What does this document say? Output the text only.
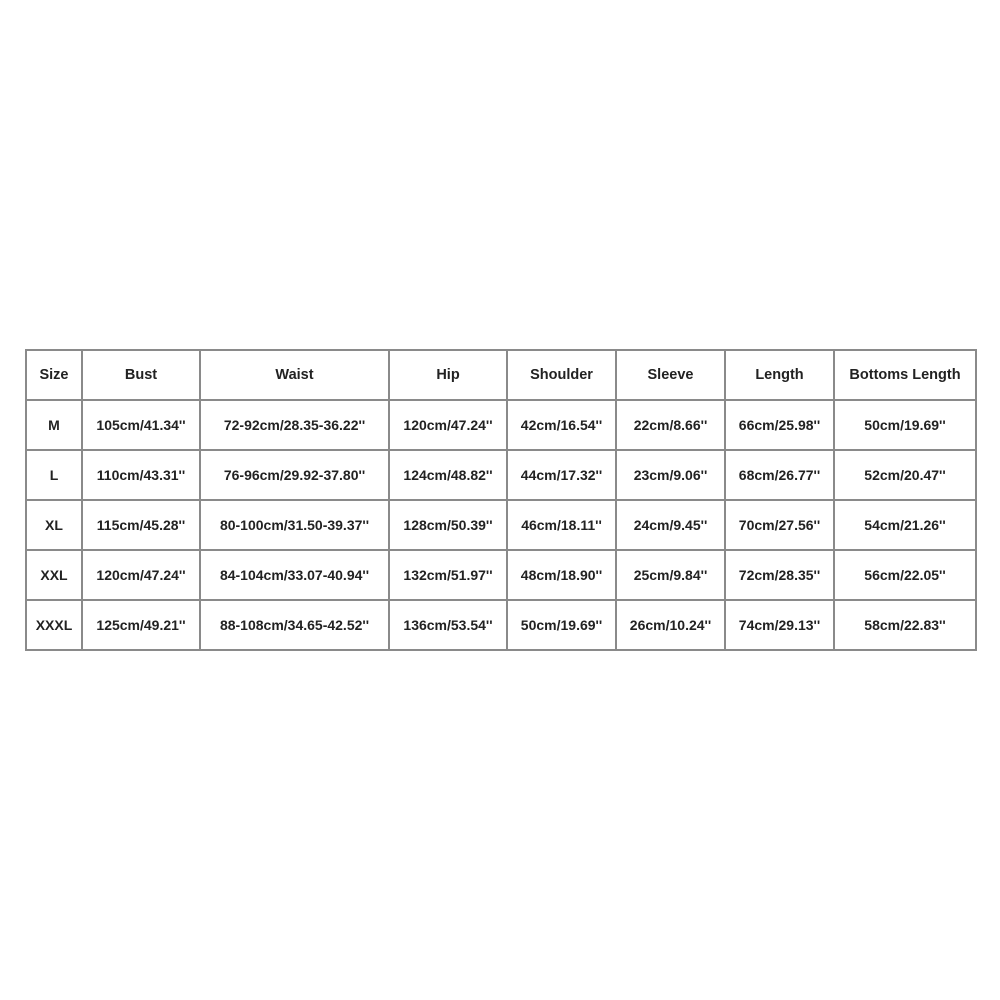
Size	Bust	Waist	Hip	Shoulder	Sleeve	Length	Bottoms Length
M	105cm/41.34''	72-92cm/28.35-36.22''	120cm/47.24''	42cm/16.54''	22cm/8.66''	66cm/25.98''	50cm/19.69''
L	110cm/43.31''	76-96cm/29.92-37.80''	124cm/48.82''	44cm/17.32''	23cm/9.06''	68cm/26.77''	52cm/20.47''
XL	115cm/45.28''	80-100cm/31.50-39.37''	128cm/50.39''	46cm/18.11''	24cm/9.45''	70cm/27.56''	54cm/21.26''
XXL	120cm/47.24''	84-104cm/33.07-40.94''	132cm/51.97''	48cm/18.90''	25cm/9.84''	72cm/28.35''	56cm/22.05''
XXXL	125cm/49.21''	88-108cm/34.65-42.52''	136cm/53.54''	50cm/19.69''	26cm/10.24''	74cm/29.13''	58cm/22.83''
